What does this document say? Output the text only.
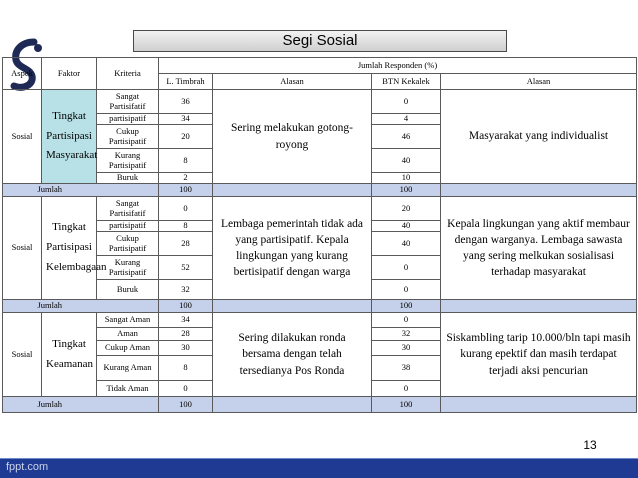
Segi Sosial
Aspek	Faktor	Kriteria	Jumlah Responden (%)			
			L. Timbrah	Alasan	BTN Kekalek	Alasan
Sosial	Tingkat Partisipasi Masyarakat	Sangat Partisifatif	36	Sering melakukan gotong-royong	0	Masyarakat yang individualist
		partisipatif	34		4	
		Cukup Partisipatif	20		46	
		Kurang Partisipatif	8		40	
		Buruk	2		10	
Jumlah			100		100	
Sosial	Tingkat Partisipasi Kelembagaan	Sangat Partisifatif	0	Lembaga pemerintah tidak ada yang partisipatif. Kepala lingkungan yang kurang bertisipatif dengan warga	20	Kepala lingkungan yang aktif membaur dengan warganya. Lembaga sawasta yang sering melkukan sosialisasi terhadap masyarakat
		partisipatif	8		40	
		Cukup Partisipatif	28		40	
		Kurang Partisipatif	52		0	
		Buruk	32		0	
Jumlah			100		100	
Sosial	Tingkat Keamanan	Sangat Aman	34	Sering dilakukan ronda bersama dengan telah tersedianya Pos Ronda	0	Siskambling tarip 10.000/bln tapi masih kurang epektif dan masih terdapat terjadi aksi pencurian
		Aman	28		32	
		Cukup Aman	30		30	
		Kurang Aman	8		38	
		Tidak Aman	0		0	
Jumlah			100		100	
13
fppt.com
